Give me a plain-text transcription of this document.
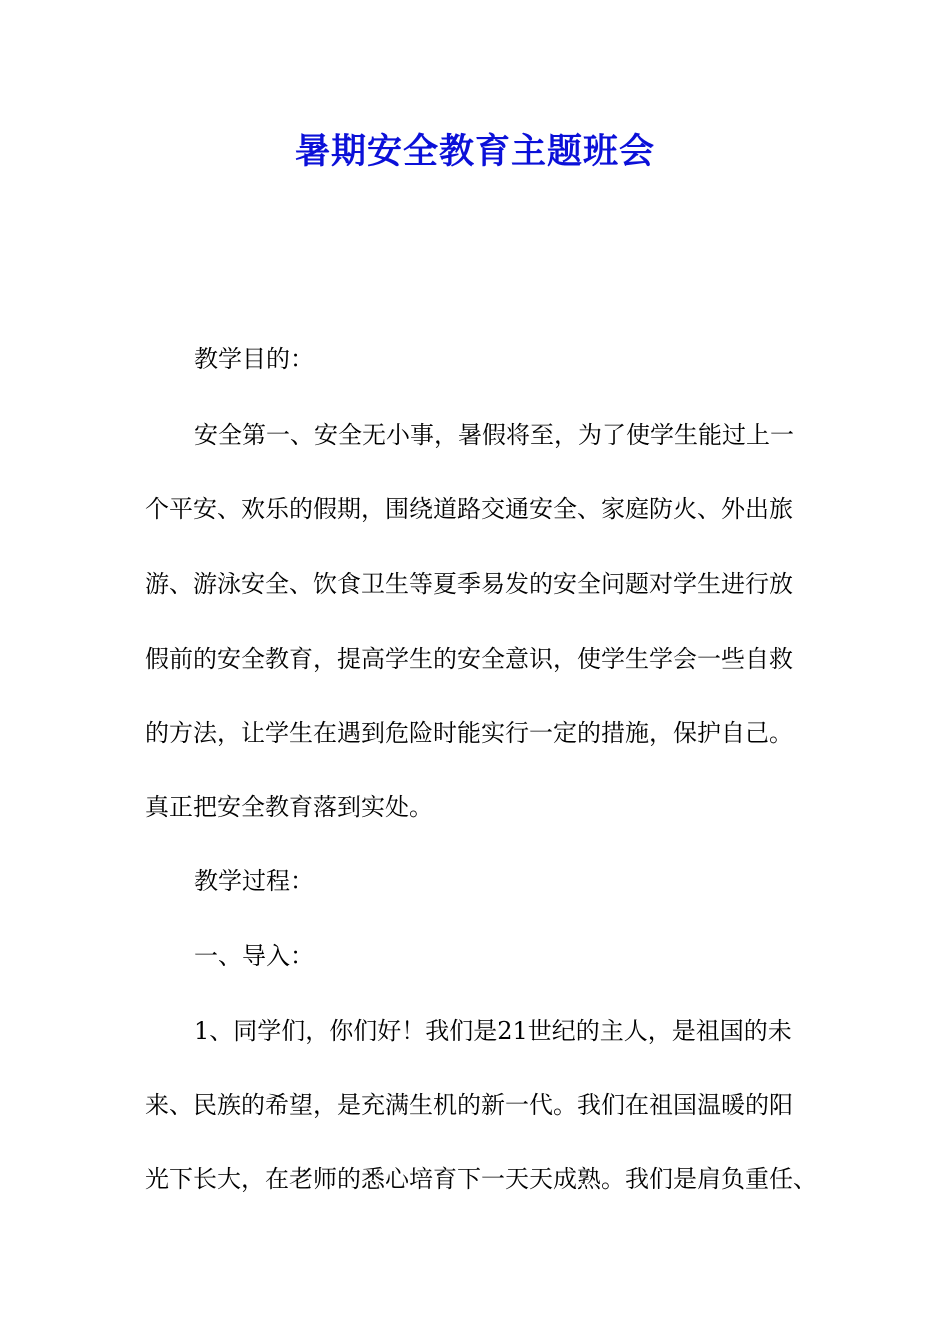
暑期安全教育主题班会

教学目的：

安全第一、安全无小事，暑假将至，为了使学生能过上一

个平安、欢乐的假期，围绕道路交通安全、家庭防火、外出旅

游、游泳安全、饮食卫生等夏季易发的安全问题对学生进行放

假前的安全教育，提高学生的安全意识，使学生学会一些自救

的方法，让学生在遇到危险时能实行一定的措施，保护自己。

真正把安全教育落到实处。

教学过程：

一、导入：

1、同学们，你们好！我们是21世纪的主人，是祖国的未

来、民族的希望，是充满生机的新一代。我们在祖国温暖的阳

光下长大，在老师的悉心培育下一天天成熟。我们是肩负重任、
